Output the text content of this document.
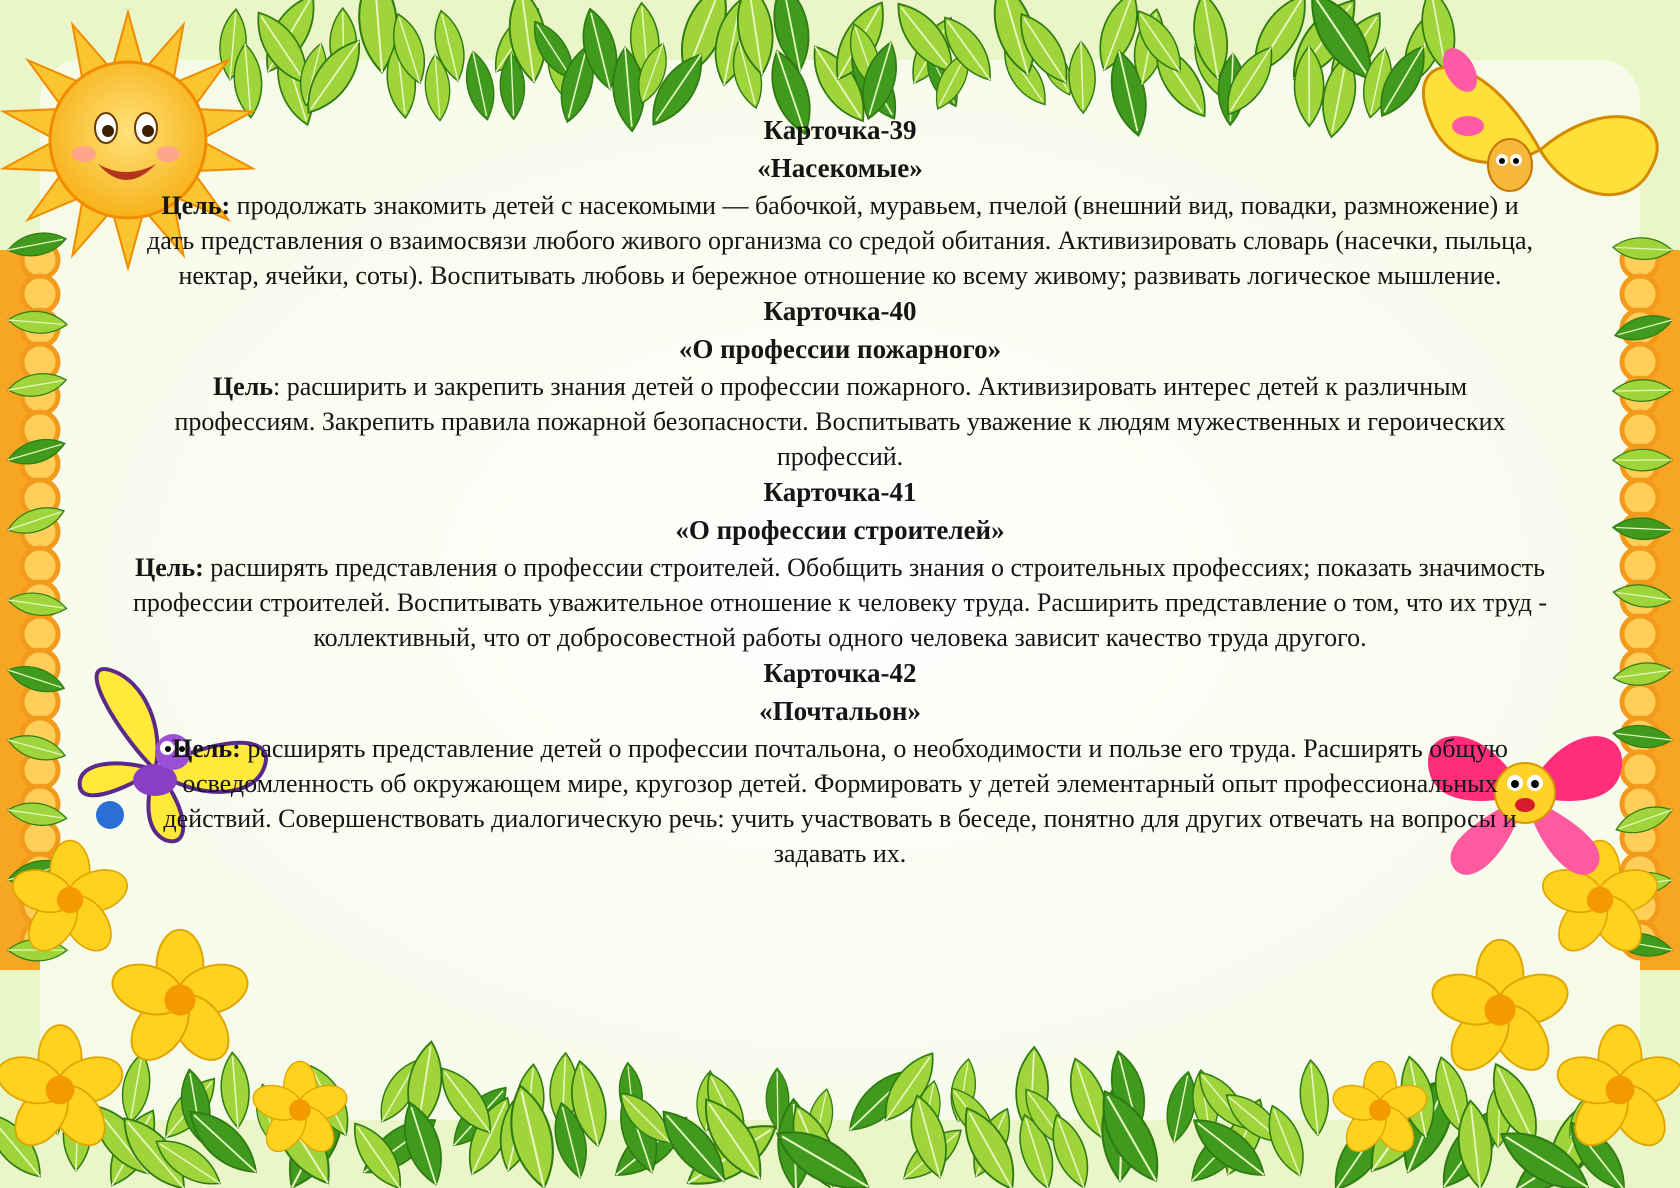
Карточка-39

«Насекомые»

Цель: продолжать знакомить детей с насекомыми — бабочкой, муравьем, пчелой (внешний вид, повадки, размножение) и дать представления о взаимосвязи любого живого организма со средой обитания. Активизировать словарь (насечки, пыльца, нектар, ячейки, соты). Воспитывать любовь и бережное отношение ко всему живому; развивать логическое мышление.

Карточка-40

«О профессии пожарного»

Цель: расширить и закрепить знания детей о профессии пожарного. Активизировать интерес детей к различным профессиям. Закрепить правила пожарной безопасности. Воспитывать уважение к людям мужественных и героических профессий.

Карточка-41

«О профессии строителей»

Цель: расширять представления о профессии строителей. Обобщить знания о строительных профессиях; показать значимость профессии строителей. Воспитывать уважительное отношение к человеку труда. Расширить представление о том, что их труд - коллективный, что от добросовестной работы одного человека зависит качество труда другого.

Карточка-42

«Почтальон»

Цель: расширять представление детей о профессии почтальона, о необходимости и пользе его труда. Расширять общую осведомленность об окружающем мире, кругозор детей. Формировать у детей элементарный опыт профессиональных действий. Совершенствовать диалогическую речь: учить участвовать в беседе, понятно для других отвечать на вопросы и задавать их.
